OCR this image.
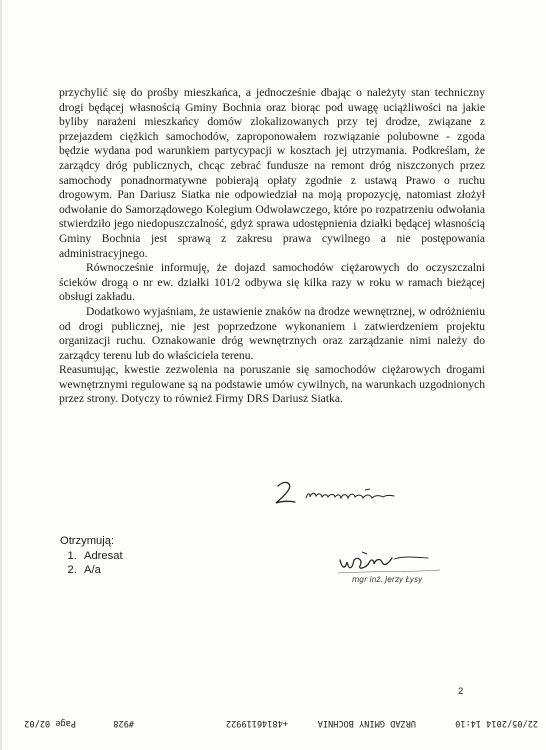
przychylić się do prośby mieszkańca, a jednocześnie dbając o należyty stan techniczny drogi będącej własnością Gminy Bochnia oraz biorąc pod uwagę uciążliwości na jakie byliby narażeni mieszkańcy domów zlokalizowanych przy tej drodze, związane z przejazdem ciężkich samochodów, zaproponowałem rozwiązanie polubowne - zgoda będzie wydana pod warunkiem partycypacji w kosztach jej utrzymania. Podkreślam, że zarządcy dróg publicznych, chcąc zebrać fundusze na remont dróg niszczonych przez samochody ponadnormatywne pobierają opłaty zgodnie z ustawą Prawo o ruchu drogowym. Pan Dariusz Siatka nie odpowiedział na moją propozycję, natomiast złożył odwołanie do Samorządowego Kolegium Odwoławczego, które po rozpatrzeniu odwołania stwierdziło jego niedopuszczalność, gdyż sprawa udostępnienia działki będącej własnością Gminy Bochnia jest sprawą z zakresu prawa cywilnego a nie postępowania administracyjnego.

Równocześnie informuję, że dojazd samochodów ciężarowych do oczyszczalni ścieków drogą o nr ew. działki 101/2 odbywa się kilka razy w roku w ramach bieżącej obsługi zakładu.

Dodatkowo wyjaśniam, że ustawienie znaków na drodze wewnętrznej, w odróżnieniu od drogi publicznej, nie jest poprzedzone wykonaniem i zatwierdzeniem projektu organizacji ruchu. Oznakowanie dróg wewnętrznych oraz zarządzanie nimi należy do zarządcy terenu lub do właściciela terenu.

Reasumując, kwestie zezwolenia na poruszanie się samochodów ciężarowych drogami wewnętrznymi regulowane są na podstawie umów cywilnych, na warunkach uzgodnionych przez strony. Dotyczy to również Firmy DRS Dariusz Siatka.

Otrzymują:

1. Adresat
2. A/a
mgr inż. Jerzy Łysy
2
22/05/2014 14:10
URZAD GMINY BOCHNIA
+48146119922
#928
Page 02/02
